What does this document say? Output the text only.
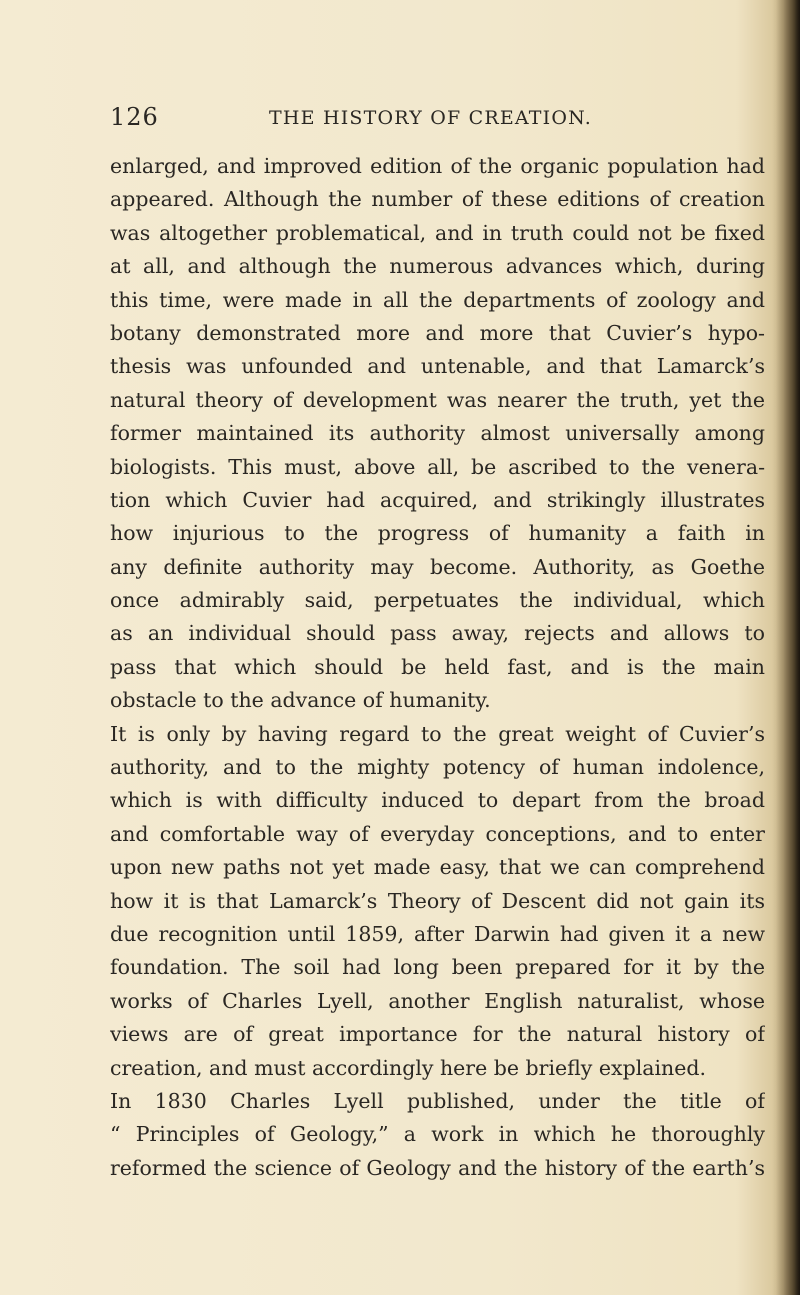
126	THE HISTORY OF CREATION.
enlarged, and improved edition of the organic population had
appeared. Although the number of these editions of creation
was altogether problematical, and in truth could not be fixed
at all, and although the numerous advances which, during
this time, were made in all the departments of zoology and
botany demonstrated more and more that Cuvier’s hypo-
thesis was unfounded and untenable, and that Lamarck’s
natural theory of development was nearer the truth, yet the
former maintained its authority almost universally among
biologists. This must, above all, be ascribed to the venera-
tion which Cuvier had acquired, and strikingly illustrates
how injurious to the progress of humanity a faith in
any definite authority may become. Authority, as Goethe
once admirably said, perpetuates the individual, which
as an individual should pass away, rejects and allows to
pass that which should be held fast, and is the main
obstacle to the advance of humanity.
It is only by having regard to the great weight of Cuvier’s
authority, and to the mighty potency of human indolence,
which is with difficulty induced to depart from the broad
and comfortable way of everyday conceptions, and to enter
upon new paths not yet made easy, that we can comprehend
how it is that Lamarck’s Theory of Descent did not gain its
due recognition until 1859, after Darwin had given it a new
foundation. The soil had long been prepared for it by the
works of Charles Lyell, another English naturalist, whose
views are of great importance for the natural history of
creation, and must accordingly here be briefly explained.
In 1830 Charles Lyell published, under the title of
“ Principles of Geology,” a work in which he thoroughly
reformed the science of Geology and the history of the earth’s
